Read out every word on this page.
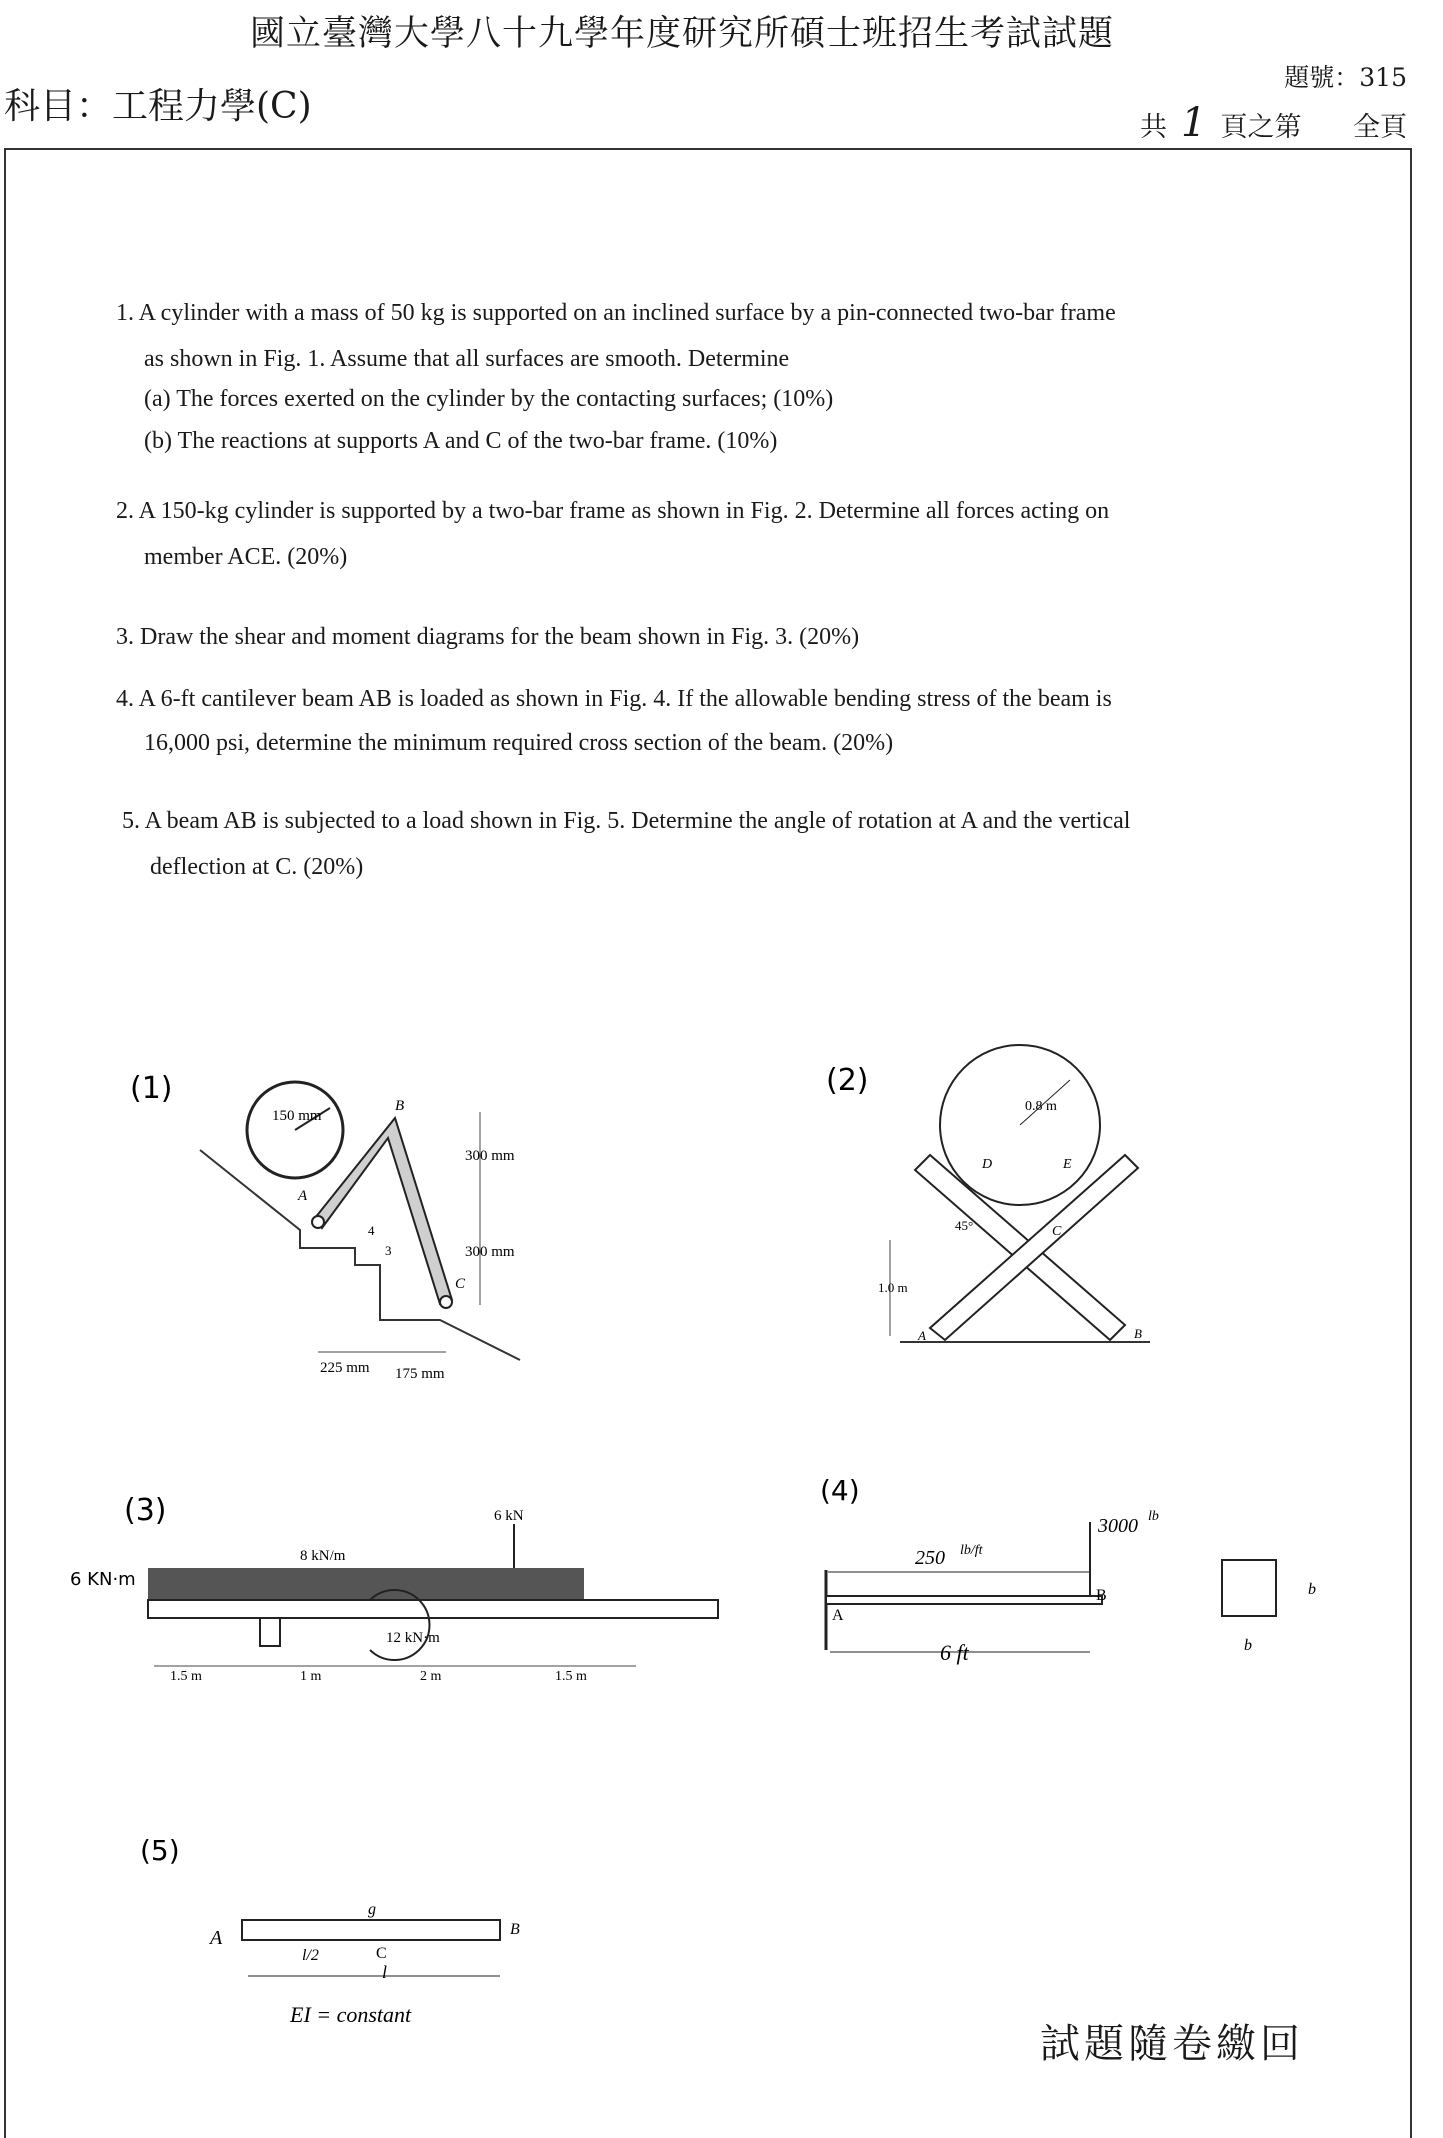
國立臺灣大學八十九學年度研究所碩士班招生考試試題
科目：工程力學(C)
題號：315
共 1 頁之第 全頁
1. A cylinder with a mass of 50 kg is supported on an inclined surface by a pin-connected two-bar frame
as shown in Fig. 1. Assume that all surfaces are smooth. Determine
(a) The forces exerted on the cylinder by the contacting surfaces; (10%)
(b) The reactions at supports A and C of the two-bar frame. (10%)
2. A 150-kg cylinder is supported by a two-bar frame as shown in Fig. 2. Determine all forces acting on
member ACE. (20%)
3. Draw the shear and moment diagrams for the beam shown in Fig. 3. (20%)
4. A 6-ft cantilever beam AB is loaded as shown in Fig. 4. If the allowable bending stress of the beam is
16,000 psi, determine the minimum required cross section of the beam. (20%)
5. A beam AB is subjected to a load shown in Fig. 5. Determine the angle of rotation at A and the vertical
deflection at C. (20%)
(1)
150 mm
B
A
C
300 mm
300 mm
4
3
225 mm 175 mm
(2)
0.8 m
D	E
C
45°
1.0 m
A	B
(3)
6 KN·m
8 kN/m
6 kN
12 kN·m
1.5 m	1 m	2 m	1.5 m
(4)
250 lb/ft
3000 lb
A
B
6 ft
b
b
(5)
g
A	B
C
l/2
l
EI = constant
試題隨卷繳回
